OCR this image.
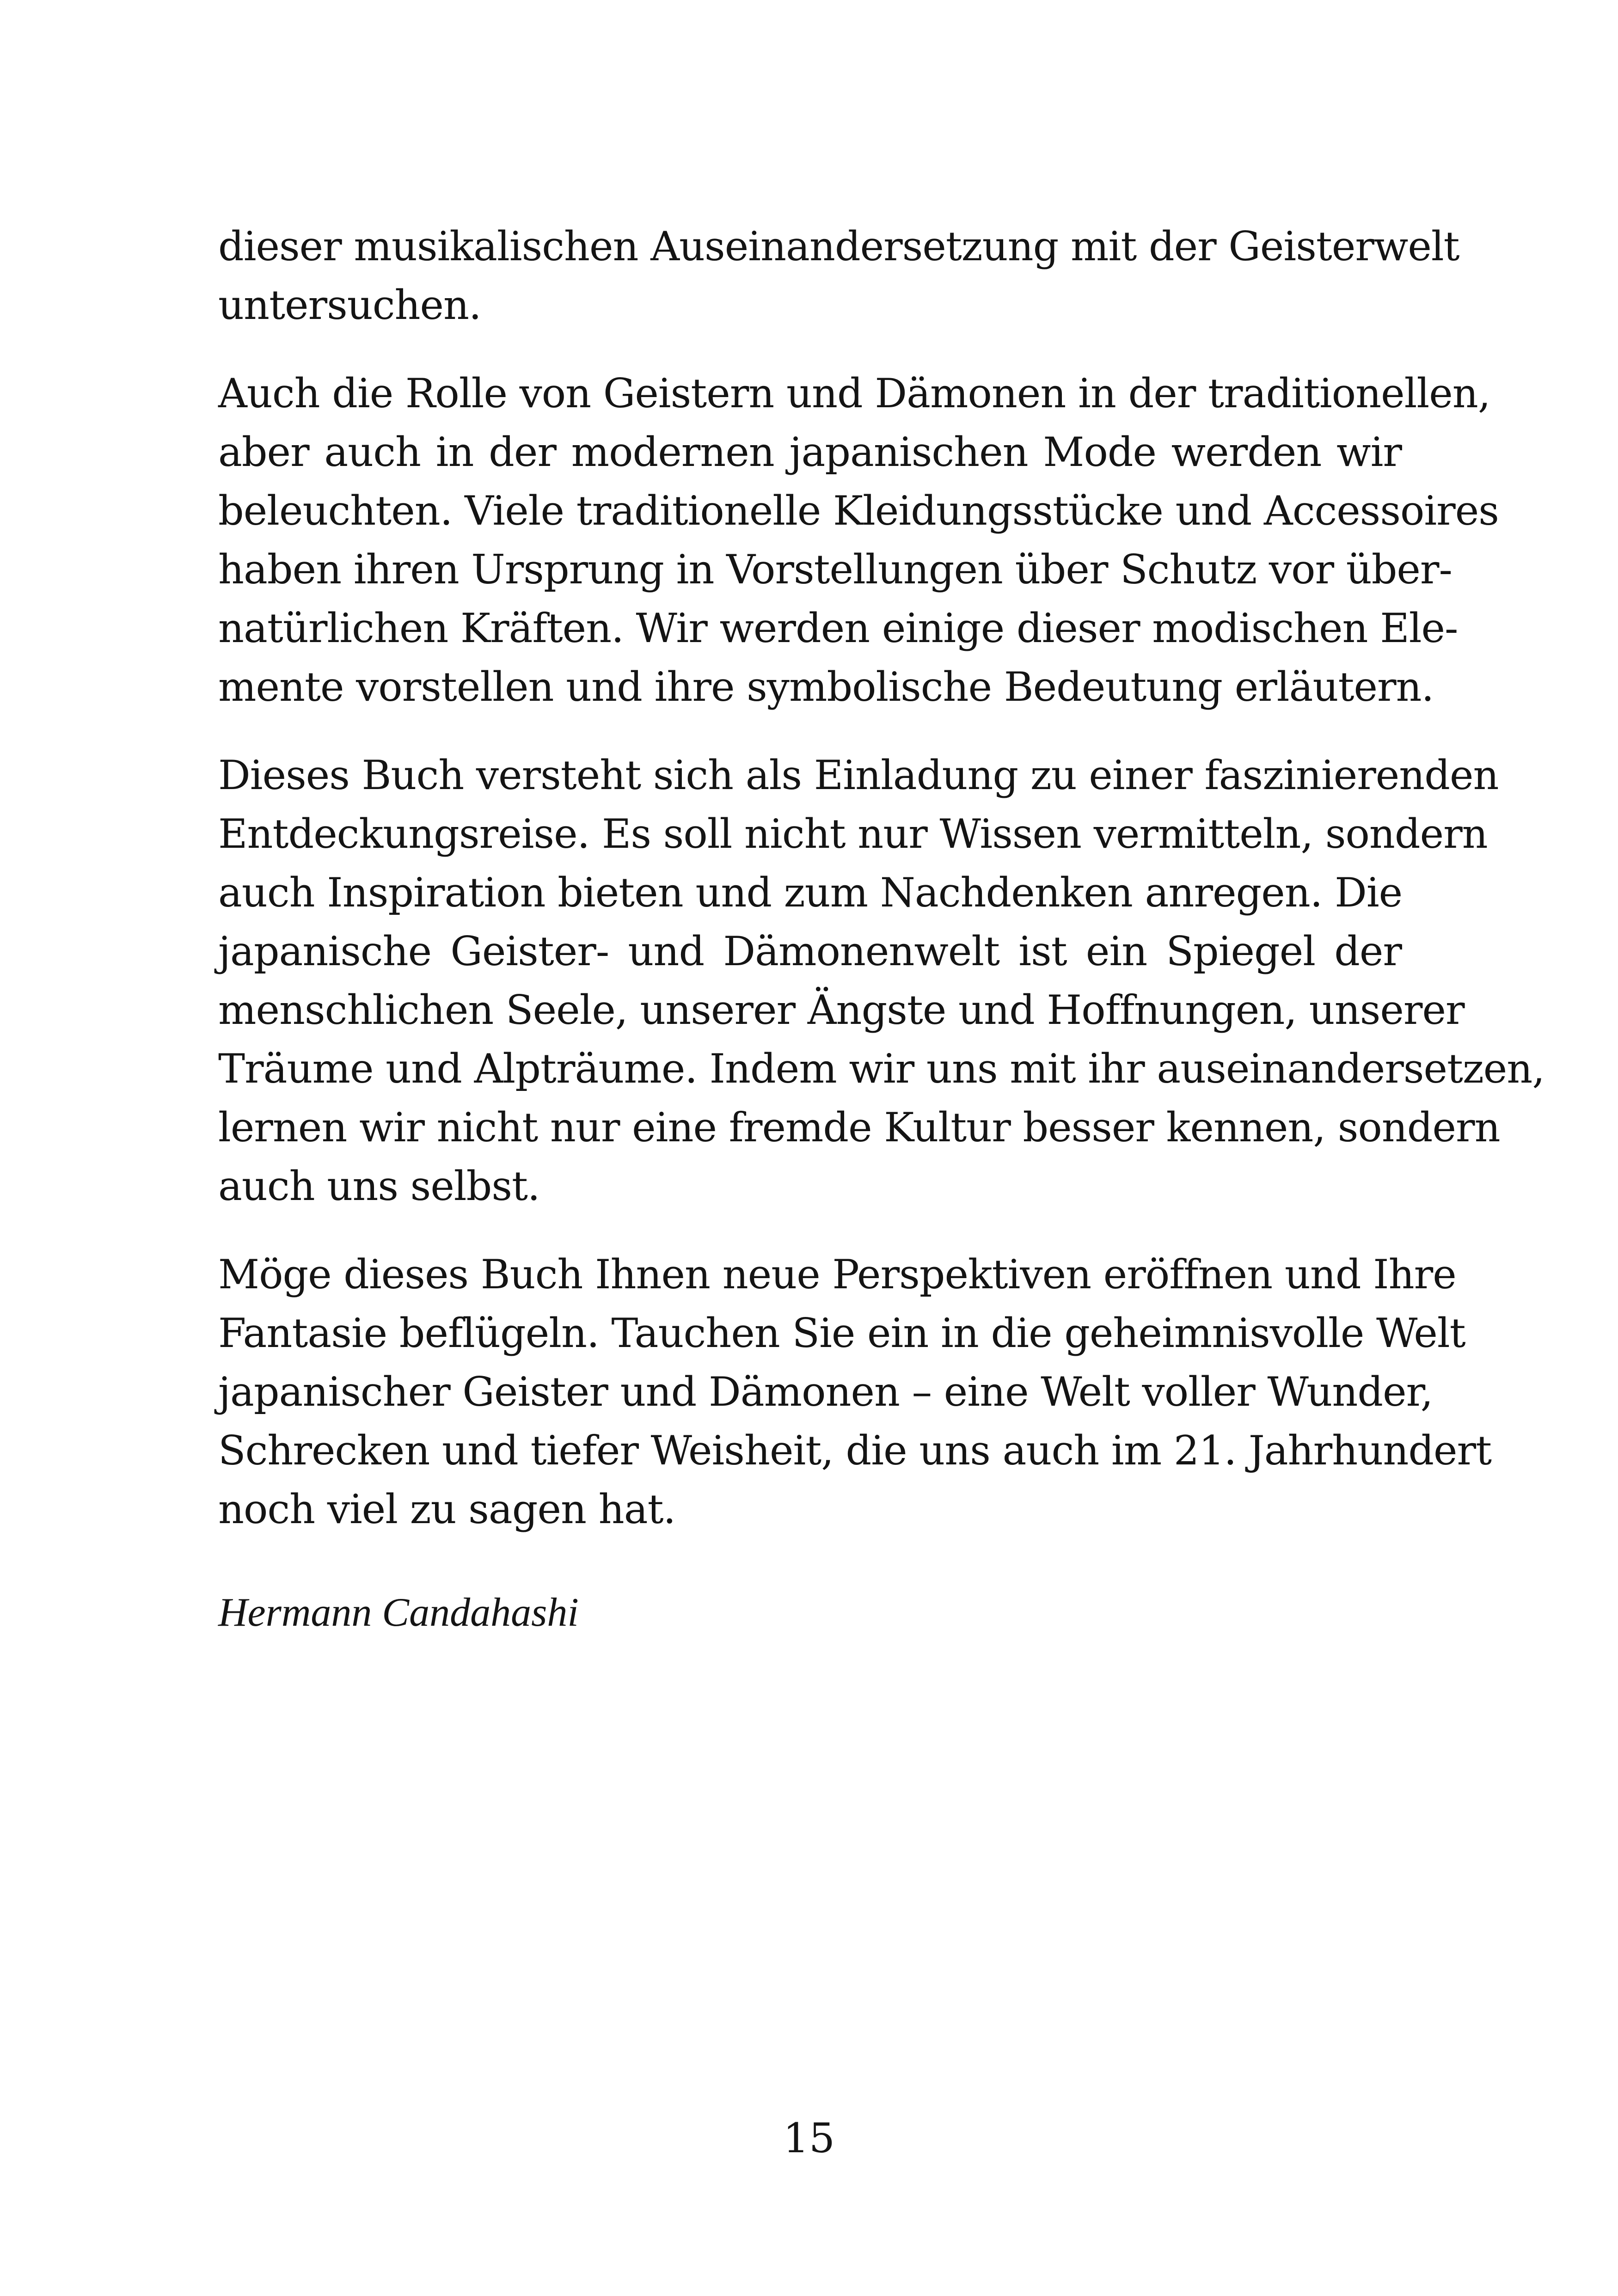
dieser musikalischen Auseinandersetzung mit der Geisterwelt
untersuchen.

Auch die Rolle von Geistern und Dämonen in der traditionellen,
aber auch in der modernen japanischen Mode werden wir
beleuchten. Viele traditionelle Kleidungsstücke und Accessoires
haben ihren Ursprung in Vorstellungen über Schutz vor über-
natürlichen Kräften. Wir werden einige dieser modischen Ele-
mente vorstellen und ihre symbolische Bedeutung erläutern.

Dieses Buch versteht sich als Einladung zu einer faszinierenden
Entdeckungsreise. Es soll nicht nur Wissen vermitteln, sondern
auch Inspiration bieten und zum Nachdenken anregen. Die
japanische Geister- und Dämonenwelt ist ein Spiegel der
menschlichen Seele, unserer Ängste und Hoffnungen, unserer
Träume und Alpträume. Indem wir uns mit ihr auseinandersetzen,
lernen wir nicht nur eine fremde Kultur besser kennen, sondern
auch uns selbst.

Möge dieses Buch Ihnen neue Perspektiven eröffnen und Ihre
Fantasie beflügeln. Tauchen Sie ein in die geheimnisvolle Welt
japanischer Geister und Dämonen – eine Welt voller Wunder,
Schrecken und tiefer Weisheit, die uns auch im 21. Jahrhundert
noch viel zu sagen hat.

Hermann Candahashi
15
